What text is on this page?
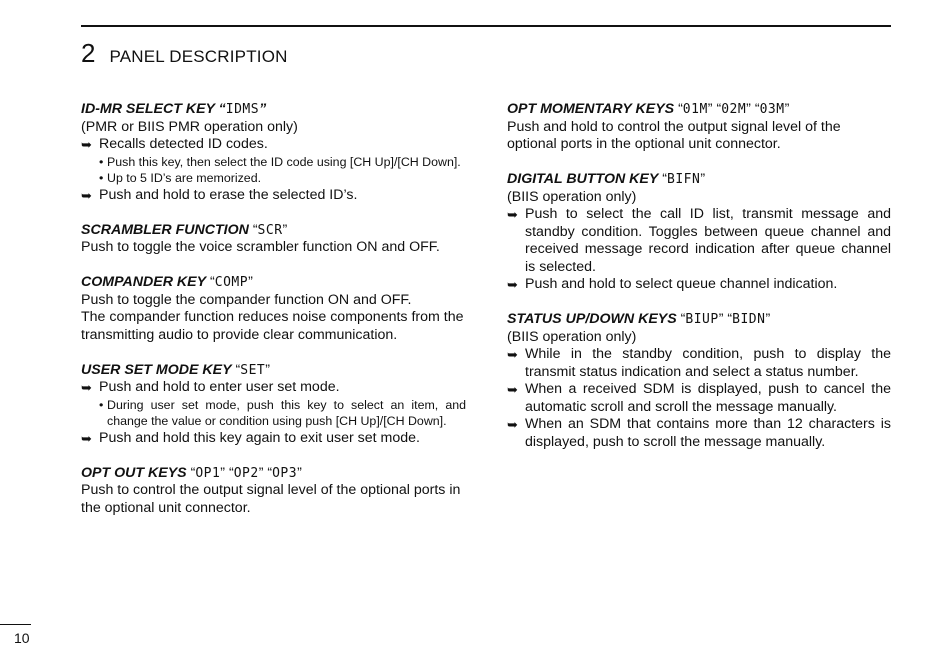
2 PANEL DESCRIPTION
ID-MR SELECT KEY “IDMS”
(PMR or BIIS PMR operation only)
➥ Recalls detected ID codes.
• Push this key, then select the ID code using [CH Up]/[CH Down].
• Up to 5 ID’s are memorized.
➥ Push and hold to erase the selected ID’s.
SCRAMBLER FUNCTION “SCR”
Push to toggle the voice scrambler function ON and OFF.
COMPANDER KEY “COMP”
Push to toggle the compander function ON and OFF.
The compander function reduces noise components from the transmitting audio to provide clear communication.
USER SET MODE KEY “SET”
➥ Push and hold to enter user set mode.
• During user set mode, push this key to select an item, and change the value or condition using push [CH Up]/[CH Down].
➥ Push and hold this key again to exit user set mode.
OPT OUT KEYS “OP1” “OP2” “OP3”
Push to control the output signal level of the optional ports in the optional unit connector.
OPT MOMENTARY KEYS “01M” “02M” “03M”
Push and hold to control the output signal level of the optional ports in the optional unit connector.
DIGITAL BUTTON KEY “BIFN”
(BIIS operation only)
➥ Push to select the call ID list, transmit message and standby condition. Toggles between queue channel and received message record indication after queue channel is selected.
➥ Push and hold to select queue channel indication.
STATUS UP/DOWN KEYS “BIUP” “BIDN”
(BIIS operation only)
➥ While in the standby condition, push to display the transmit status indication and select a status number.
➥ When a received SDM is displayed, push to cancel the automatic scroll and scroll the message manually.
➥ When an SDM that contains more than 12 characters is displayed, push to scroll the message manually.
10
